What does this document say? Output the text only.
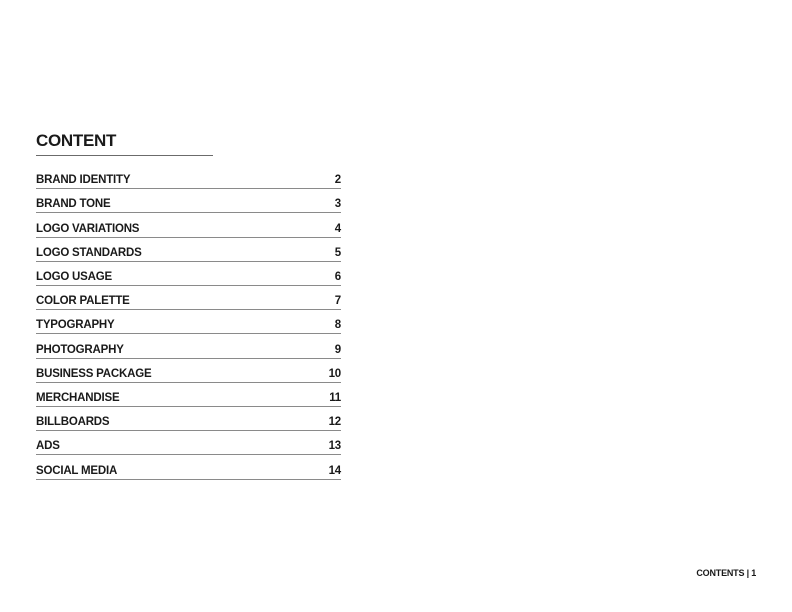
CONTENT
BRAND IDENTITY	2
BRAND TONE	3
LOGO VARIATIONS	4
LOGO STANDARDS	5
LOGO USAGE	6
COLOR PALETTE	7
TYPOGRAPHY	8
PHOTOGRAPHY	9
BUSINESS PACKAGE	10
MERCHANDISE	11
BILLBOARDS	12
ADS	13
SOCIAL MEDIA	14
CONTENTS | 1
